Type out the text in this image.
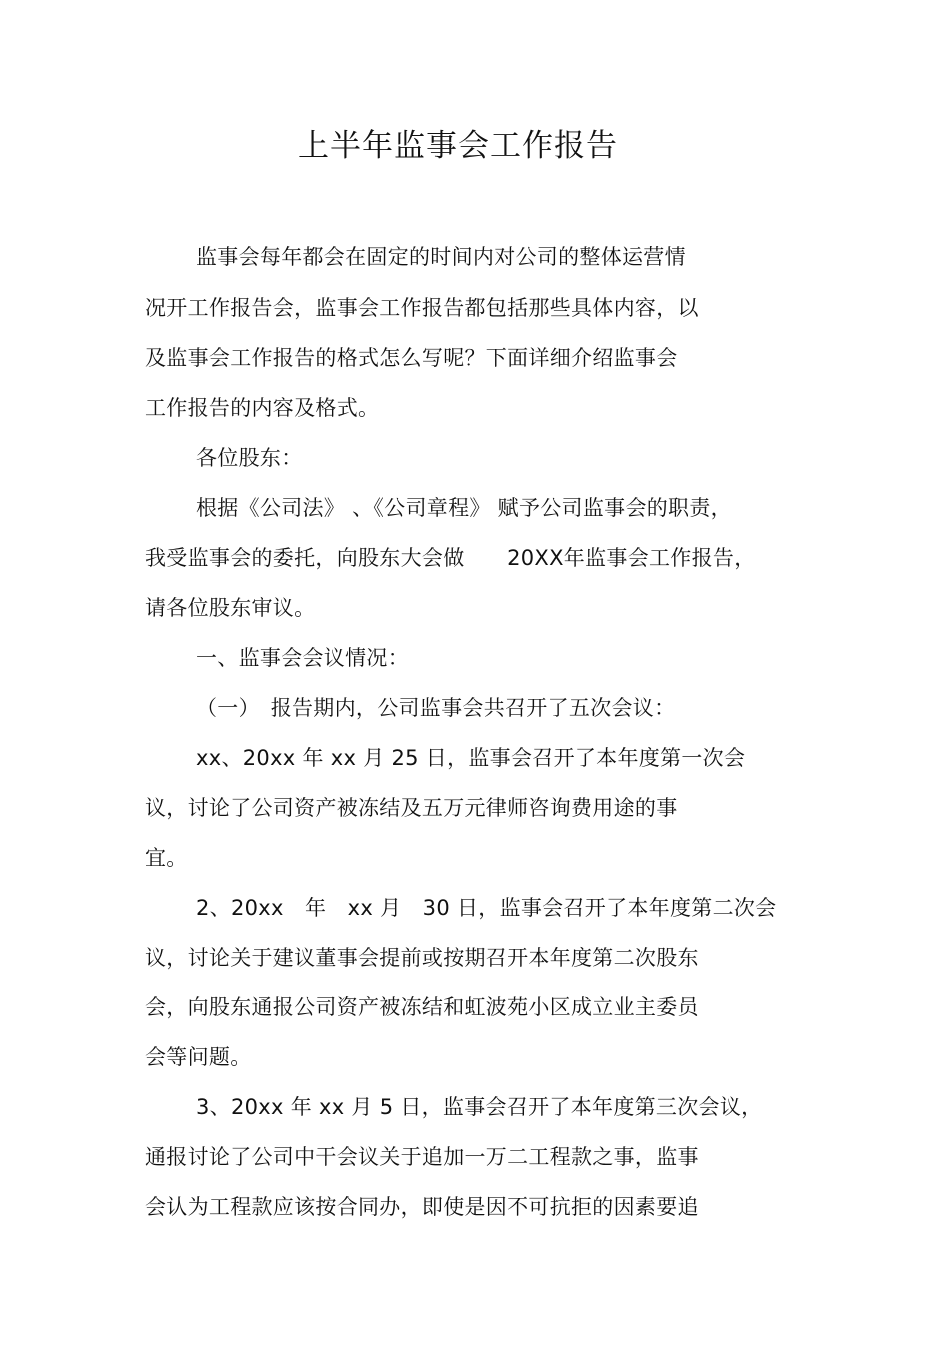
上半年监事会工作报告
监事会每年都会在固定的时间内对公司的整体运营情
况开工作报告会，监事会工作报告都包括那些具体内容，以
及监事会工作报告的格式怎么写呢？下面详细介绍监事会
工作报告的内容及格式。
各位股东：
根据《公司法》 、《公司章程》 赋予公司监事会的职责，
我受监事会的委托，向股东大会做　　20XX年监事会工作报告，
请各位股东审议。
一、监事会会议情况：
（一）　报告期内，公司监事会共召开了五次会议：
xx、20xx 年 xx 月 25 日，监事会召开了本年度第一次会
议，讨论了公司资产被冻结及五万元律师咨询费用途的事
宜。
2、20xx　年　xx 月　30 日，监事会召开了本年度第二次会
议，讨论关于建议董事会提前或按期召开本年度第二次股东
会，向股东通报公司资产被冻结和虹波苑小区成立业主委员
会等问题。
3、20xx 年 xx 月 5 日，监事会召开了本年度第三次会议，
通报讨论了公司中干会议关于追加一万二工程款之事，监事
会认为工程款应该按合同办，即使是因不可抗拒的因素要追
